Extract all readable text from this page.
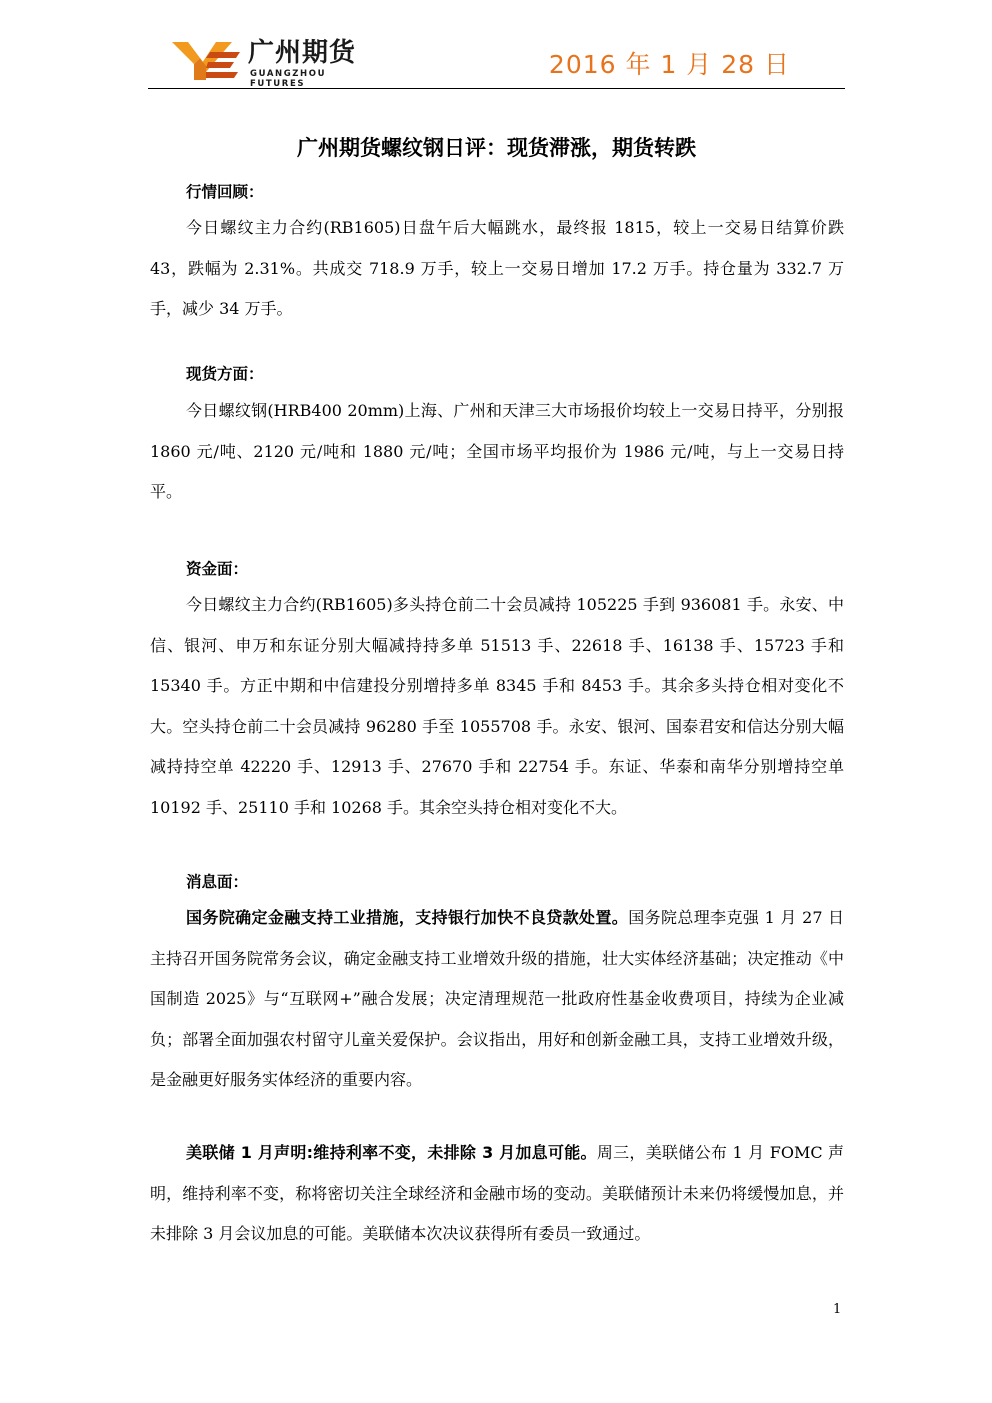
广州期货
GUANGZHOU FUTURES
2016 年 1 月 28 日
广州期货螺纹钢日评：现货滞涨，期货转跌
行情回顾：

今日螺纹主力合约(RB1605)日盘午后大幅跳水，最终报 1815，较上一交易日结算价跌 43，跌幅为 2.31%。共成交 718.9 万手，较上一交易日增加 17.2 万手。持仓量为 332.7 万手，减少 34 万手。

现货方面：

今日螺纹钢(HRB400 20mm)上海、广州和天津三大市场报价均较上一交易日持平，分别报 1860 元/吨、2120 元/吨和 1880 元/吨；全国市场平均报价为 1986 元/吨，与上一交易日持平。

资金面：

今日螺纹主力合约(RB1605)多头持仓前二十会员减持 105225 手到 936081 手。永安、中信、银河、申万和东证分别大幅减持持多单 51513 手、22618 手、16138 手、15723 手和 15340 手。方正中期和中信建投分别增持多单 8345 手和 8453 手。其余多头持仓相对变化不大。空头持仓前二十会员减持 96280 手至 1055708 手。永安、银河、国泰君安和信达分别大幅减持持空单 42220 手、12913 手、27670 手和 22754 手。东证、华泰和南华分别增持空单 10192 手、25110 手和 10268 手。其余空头持仓相对变化不大。

消息面：

国务院确定金融支持工业措施，支持银行加快不良贷款处置。国务院总理李克强 1 月 27 日主持召开国务院常务会议，确定金融支持工业增效升级的措施，壮大实体经济基础；决定推动《中国制造 2025》与“互联网+”融合发展；决定清理规范一批政府性基金收费项目，持续为企业减负；部署全面加强农村留守儿童关爱保护。会议指出，用好和创新金融工具，支持工业增效升级，是金融更好服务实体经济的重要内容。

美联储 1 月声明:维持利率不变，未排除 3 月加息可能。周三，美联储公布 1 月 FOMC 声明，维持利率不变，称将密切关注全球经济和金融市场的变动。美联储预计未来仍将缓慢加息，并未排除 3 月会议加息的可能。美联储本次决议获得所有委员一致通过。

1
